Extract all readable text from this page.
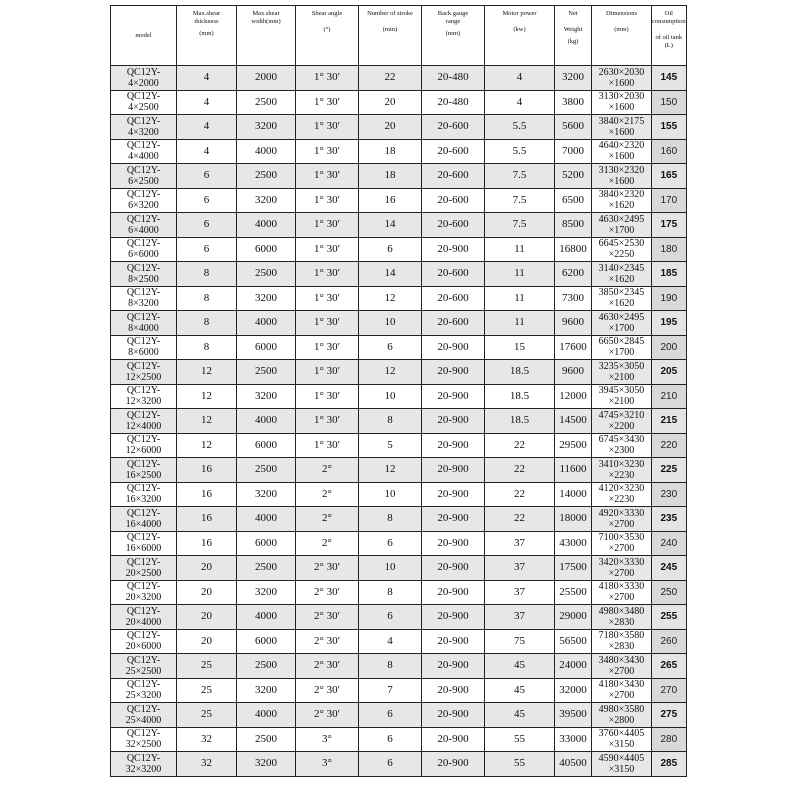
model	Max.shear
thickness
(mm)	Max.shear
width(mm)	Shear angle
(°)	Number of stroke
(min)	Back gauge
range
(mm)	Motor power
(kw)	Net
Weight
(kg)	Dimensions
(mm)	Oil
consumption
of oil tank (L)

QC12Y-
4×2000	4	2000	1° 30′	22	20-480	4	3200	2630×2030
×1600	145

QC12Y-
4×2500	4	2500	1° 30′	20	20-480	4	3800	3130×2030
×1600	150

QC12Y-
4×3200	4	3200	1° 30′	20	20-600	5.5	5600	3840×2175
×1600	155

QC12Y-
4×4000	4	4000	1° 30′	18	20-600	5.5	7000	4640×2320
×1600	160

QC12Y-
6×2500	6	2500	1° 30′	18	20-600	7.5	5200	3130×2320
×1600	165

QC12Y-
6×3200	6	3200	1° 30′	16	20-600	7.5	6500	3840×2320
×1620	170

QC12Y-
6×4000	6	4000	1° 30′	14	20-600	7.5	8500	4630×2495
×1700	175

QC12Y-
6×6000	6	6000	1° 30′	6	20-900	11	16800	6645×2530
×2250	180

QC12Y-
8×2500	8	2500	1° 30′	14	20-600	11	6200	3140×2345
×1620	185

QC12Y-
8×3200	8	3200	1° 30′	12	20-600	11	7300	3850×2345
×1620	190

QC12Y-
8×4000	8	4000	1° 30′	10	20-600	11	9600	4630×2495
×1700	195

QC12Y-
8×6000	8	6000	1° 30′	6	20-900	15	17600	6650×2845
×1700	200

QC12Y-
12×2500	12	2500	1° 30′	12	20-900	18.5	9600	3235×3050
×2100	205

QC12Y-
12×3200	12	3200	1° 30′	10	20-900	18.5	12000	3945×3050
×2100	210

QC12Y-
12×4000	12	4000	1° 30′	8	20-900	18.5	14500	4745×3210
×2200	215

QC12Y-
12×6000	12	6000	1° 30′	5	20-900	22	29500	6745×3430
×2300	220

QC12Y-
16×2500	16	2500	2°	12	20-900	22	11600	3410×3230
×2230	225

QC12Y-
16×3200	16	3200	2°	10	20-900	22	14000	4120×3230
×2230	230

QC12Y-
16×4000	16	4000	2°	8	20-900	22	18000	4920×3330
×2700	235

QC12Y-
16×6000	16	6000	2°	6	20-900	37	43000	7100×3530
×2700	240

QC12Y-
20×2500	20	2500	2° 30′	10	20-900	37	17500	3420×3330
×2700	245

QC12Y-
20×3200	20	3200	2° 30′	8	20-900	37	25500	4180×3330
×2700	250

QC12Y-
20×4000	20	4000	2° 30′	6	20-900	37	29000	4980×3480
×2830	255

QC12Y-
20×6000	20	6000	2° 30′	4	20-900	75	56500	7180×3580
×2830	260

QC12Y-
25×2500	25	2500	2° 30′	8	20-900	45	24000	3480×3430
×2700	265

QC12Y-
25×3200	25	3200	2° 30′	7	20-900	45	32000	4180×3430
×2700	270

QC12Y-
25×4000	25	4000	2° 30′	6	20-900	45	39500	4980×3580
×2800	275

QC12Y-
32×2500	32	2500	3°	6	20-900	55	33000	3760×4405
×3150	280

QC12Y-
32×3200	32	3200	3°	6	20-900	55	40500	4590×4405
×3150	285
